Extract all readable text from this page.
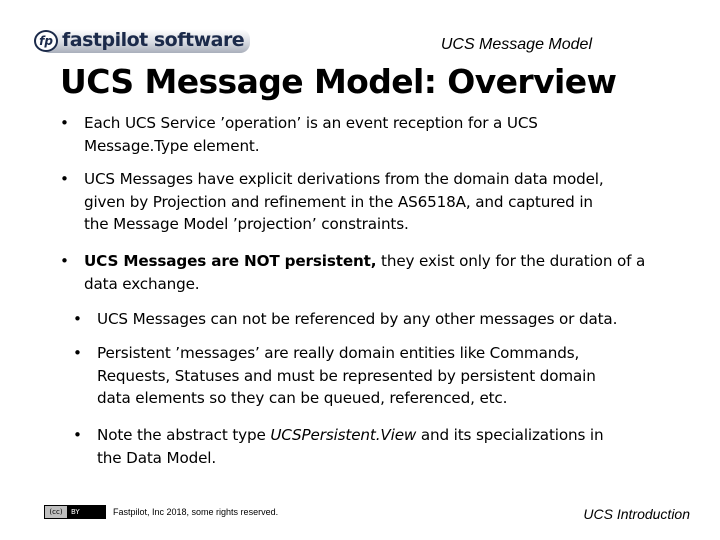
fp fastpilot software	UCS Message Model
UCS Message Model: Overview
• Each UCS Service ’operation’ is an event reception for a UCS
Message.Type element.
• UCS Messages have explicit derivations from the domain data model,
given by Projection and refinement in the AS6518A, and captured in
the Message Model ’projection’ constraints.
• UCS Messages are NOT persistent, they exist only for the duration of a
data exchange.
• UCS Messages can not be referenced by any other messages or data.
• Persistent ’messages’ are really domain entities like Commands,
Requests, Statuses and must be represented by persistent domain
data elements so they can be queued, referenced, etc.
• Note the abstract type UCSPersistent.View and its specializations in
the Data Model.
(cc)	BY	Fastpilot, Inc 2018, some rights reserved.	UCS Introduction
